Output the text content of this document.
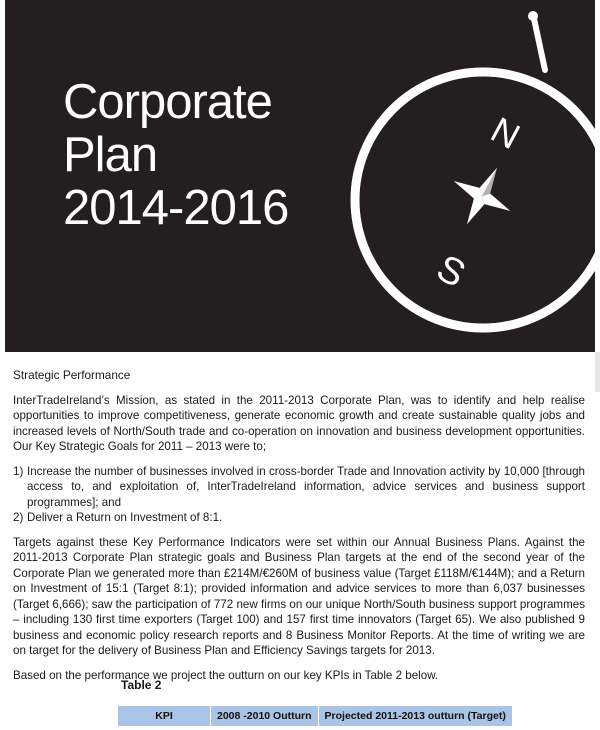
Corporate
Plan
2014-2016
N
S

Strategic Performance

InterTradeIreland’s Mission, as stated in the 2011-2013 Corporate Plan, was to identify and help realise opportunities to improve competitiveness, generate economic growth and create sustainable quality jobs and increased levels of North/South trade and co-operation on innovation and business development opportunities. Our Key Strategic Goals for 2011 – 2013 were to;

1) Increase the number of businesses involved in cross-border Trade and Innovation activity by 10,000 [through access to, and exploitation of, InterTradeIreland information, advice services and business support programmes]; and
2) Deliver a Return on Investment of 8:1.

Targets against these Key Performance Indicators were set within our Annual Business Plans. Against the 2011-2013 Corporate Plan strategic goals and Business Plan targets at the end of the second year of the Corporate Plan we generated more than £214M/€260M of business value (Target £118M/€144M); and a Return on Investment of 15:1 (Target 8:1); provided information and advice services to more than 6,037 businesses (Target 6,666); saw the participation of 772 new firms on our unique North/South business support programmes – including 130 first time exporters (Target 100) and 157 first time innovators (Target 65). We also published 9 business and economic policy research reports and 8 Business Monitor Reports. At the time of writing we are on target for the delivery of Business Plan and Efficiency Savings targets for 2013.

Based on the performance we project the outturn on our key KPIs in Table 2 below.

Table 2
KPI	2008 -2010 Outturn	Projected 2011-2013 outturn (Target)
